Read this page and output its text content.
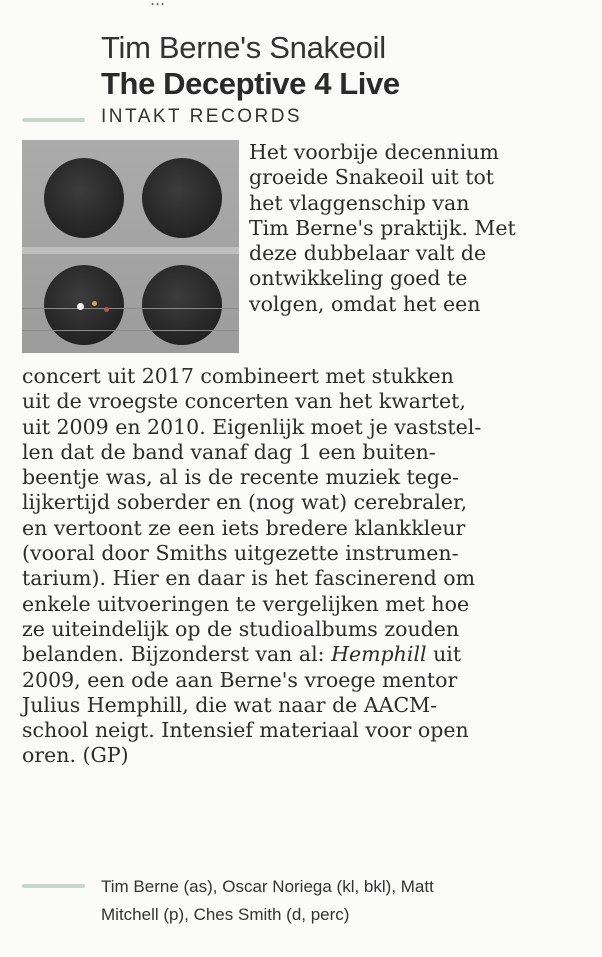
Tim Berne's Snakeoil
The Deceptive 4 Live
INTAKT RECORDS
Het voorbije decennium
groeide Snakeoil uit tot
het vlaggenschip van
Tim Berne's praktijk. Met
deze dubbelaar valt de
ontwikkeling goed te
volgen, omdat het een
concert uit 2017 combineert met stukken
uit de vroegste concerten van het kwartet,
uit 2009 en 2010. Eigenlijk moet je vaststel-
len dat de band vanaf dag 1 een buiten-
beentje was, al is de recente muziek tege-
lijkertijd soberder en (nog wat) cerebraler,
en vertoont ze een iets bredere klankkleur
(vooral door Smiths uitgezette instrumen-
tarium). Hier en daar is het fascinerend om
enkele uitvoeringen te vergelijken met hoe
ze uiteindelijk op de studioalbums zouden
belanden. Bijzonderst van al: Hemphill uit
2009, een ode aan Berne's vroege mentor
Julius Hemphill, die wat naar de AACM-
school neigt. Intensief materiaal voor open
oren. (GP)
Tim Berne (as), Oscar Noriega (kl, bkl), Matt
Mitchell (p), Ches Smith (d, perc)
